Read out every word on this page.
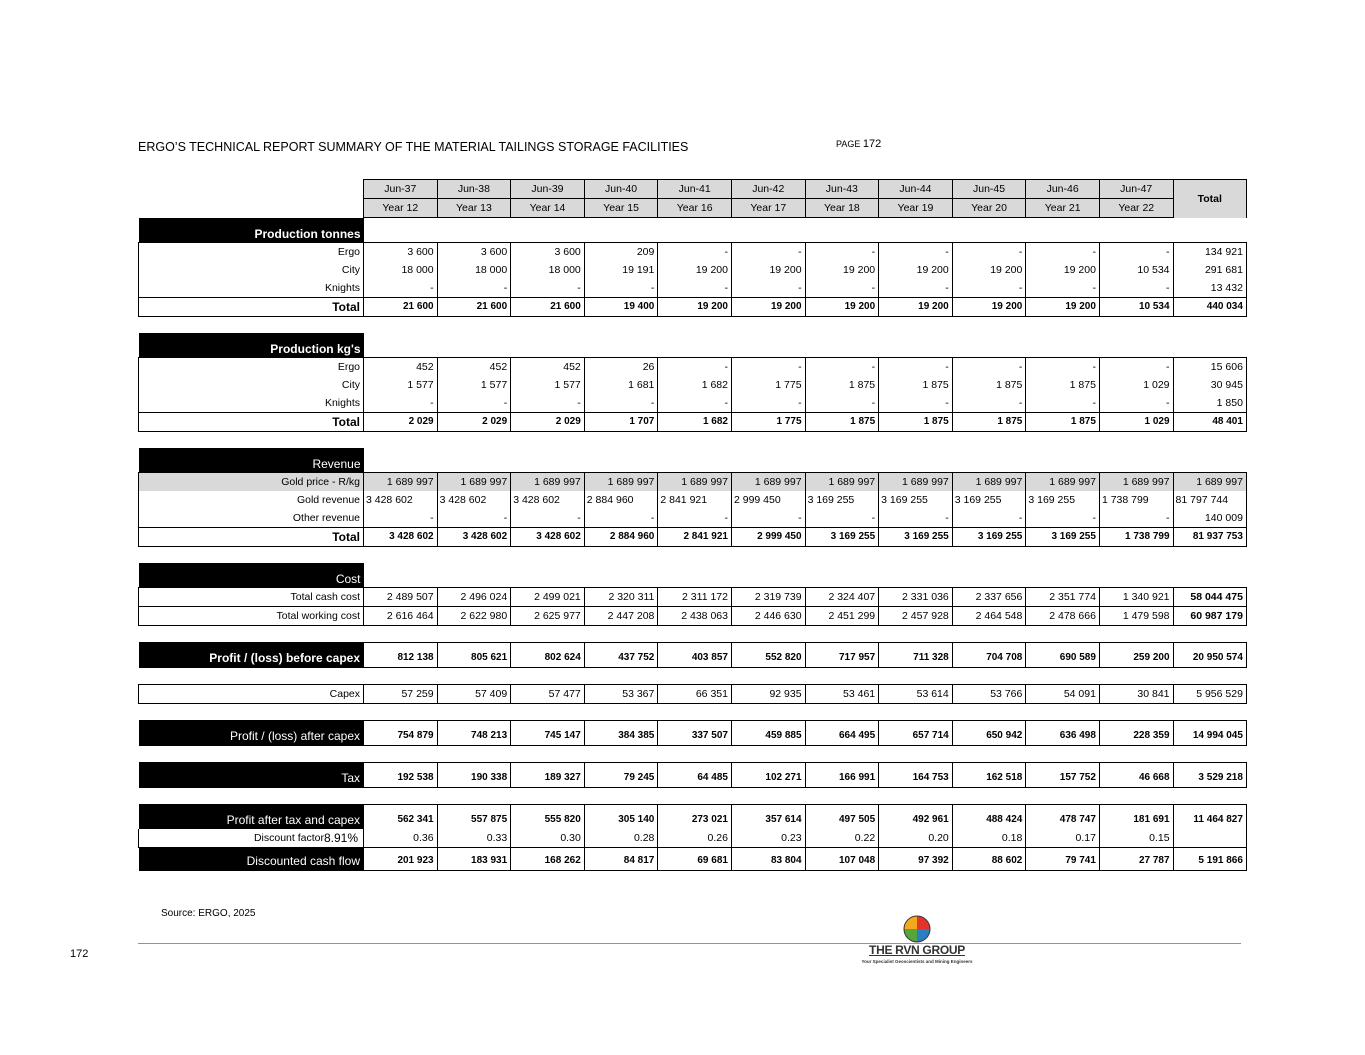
ERGO’S TECHNICAL REPORT SUMMARY OF THE MATERIAL TAILINGS STORAGE FACILITIES	PAGE 172
	Jun-37	Jun-38	Jun-39	Jun-40	Jun-41	Jun-42	Jun-43	Jun-44	Jun-45	Jun-46	Jun-47	Total
	Year 12	Year 13	Year 14	Year 15	Year 16	Year 17	Year 18	Year 19	Year 20	Year 21	Year 22	
Production tonnes												
Ergo	3 600	3 600	3 600	209	-	-	-	-	-	-	-	134 921
City	18 000	18 000	18 000	19 191	19 200	19 200	19 200	19 200	19 200	19 200	10 534	291 681
Knights	-	-	-	-	-	-	-	-	-	-	-	13 432
Total	21 600	21 600	21 600	19 400	19 200	19 200	19 200	19 200	19 200	19 200	10 534	440 034

Production kg's												
Ergo	452	452	452	26	-	-	-	-	-	-	-	15 606
City	1 577	1 577	1 577	1 681	1 682	1 775	1 875	1 875	1 875	1 875	1 029	30 945
Knights	-	-	-	-	-	-	-	-	-	-	-	1 850
Total	2 029	2 029	2 029	1 707	1 682	1 775	1 875	1 875	1 875	1 875	1 029	48 401

Revenue												
Gold price - R/kg	1 689 997	1 689 997	1 689 997	1 689 997	1 689 997	1 689 997	1 689 997	1 689 997	1 689 997	1 689 997	1 689 997	1 689 997
Gold revenue	3 428 602	3 428 602	3 428 602	2 884 960	2 841 921	2 999 450	3 169 255	3 169 255	3 169 255	3 169 255	1 738 799	81 797 744
Other revenue	-	-	-	-	-	-	-	-	-	-	-	140 009
Total	3 428 602	3 428 602	3 428 602	2 884 960	2 841 921	2 999 450	3 169 255	3 169 255	3 169 255	3 169 255	1 738 799	81 937 753

Cost												
Total cash cost	2 489 507	2 496 024	2 499 021	2 320 311	2 311 172	2 319 739	2 324 407	2 331 036	2 337 656	2 351 774	1 340 921	58 044 475
Total working cost	2 616 464	2 622 980	2 625 977	2 447 208	2 438 063	2 446 630	2 451 299	2 457 928	2 464 548	2 478 666	1 479 598	60 987 179

Profit / (loss) before capex	812 138	805 621	802 624	437 752	403 857	552 820	717 957	711 328	704 708	690 589	259 200	20 950 574

Capex	57 259	57 409	57 477	53 367	66 351	92 935	53 461	53 614	53 766	54 091	30 841	5 956 529

Profit / (loss) after capex	754 879	748 213	745 147	384 385	337 507	459 885	664 495	657 714	650 942	636 498	228 359	14 994 045

Tax	192 538	190 338	189 327	79 245	64 485	102 271	166 991	164 753	162 518	157 752	46 668	3 529 218

Profit after tax and capex	562 341	557 875	555 820	305 140	273 021	357 614	497 505	492 961	488 424	478 747	181 691	11 464 827
Discount factor 8.91%	0.36	0.33	0.30	0.28	0.26	0.23	0.22	0.20	0.18	0.17	0.15	
Discounted cash flow	201 923	183 931	168 262	84 817	69 681	83 804	107 048	97 392	88 602	79 741	27 787	5 191 866
Source: ERGO, 2025
172	THE RVN GROUP
Your Specialist Geoscientists and Mining Engineers
